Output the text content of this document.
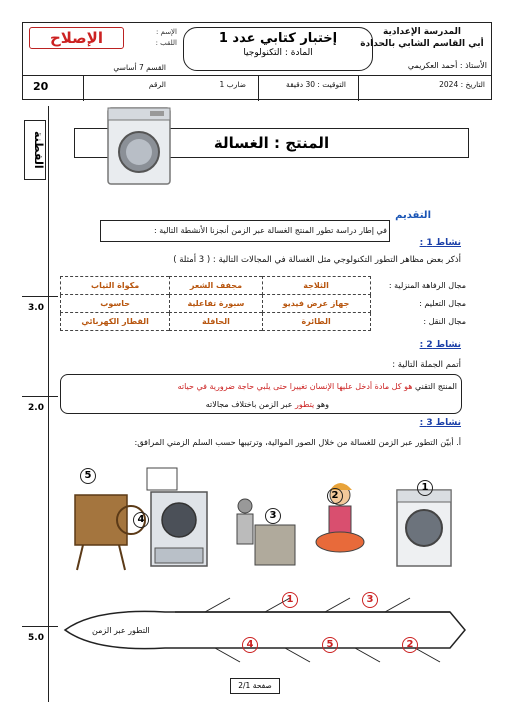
المدرسة الإعدادية
أبي القاسم الشابي بالحدادة
إختبار كتابي عدد 1
المادة : التكنولوجيا
الإصلاح	الإسم :
اللقب :
الأستاذ : أحمد العكريمي
التاريخ : 2024
التوقيت : 30 دقيقة
ضارب 1
القسم 7 أساسي
الرقم
20
الفطنة
3.0
2.0
5.0
المنتج : الغسالة
التقديم
في إطار دراسة تطور المنتج الغسالة عبر الزمن أنجزنا الأنشطة التالية :
نشاط 1 :
أذكر بعض مظاهر التطور التكنولوجي مثل الغسالة في المجالات التالية : ( 3 أمثلة )
مجال الرفاهة المنزلية :	الثلاجة	مجفف الشعر	مكواة الثياب
مجال التعليم :	جهاز عرض فيديو	سبورة تفاعلية	حاسوب
مجال النقل :	الطائرة	الحافلة	القطار الكهربائي
نشاط 2 :
أتمم الجملة التالية :
المنتج التقني هو كل مادة أدخل عليها الإنسان تغييرا حتى يلبي حاجة ضرورية في حياته
وهو يتطور عبر الزمن باختلاف مجالاته
نشاط 3 :
أ. أبيّن التطور عبر الزمن للغسالة من خلال الصور الموالية، وترتيبها حسب السلم الزمني المرافق:
5
4	3
2
1
التطور عبر الزمن
1	3
4	5	2
صفحة 2/1
